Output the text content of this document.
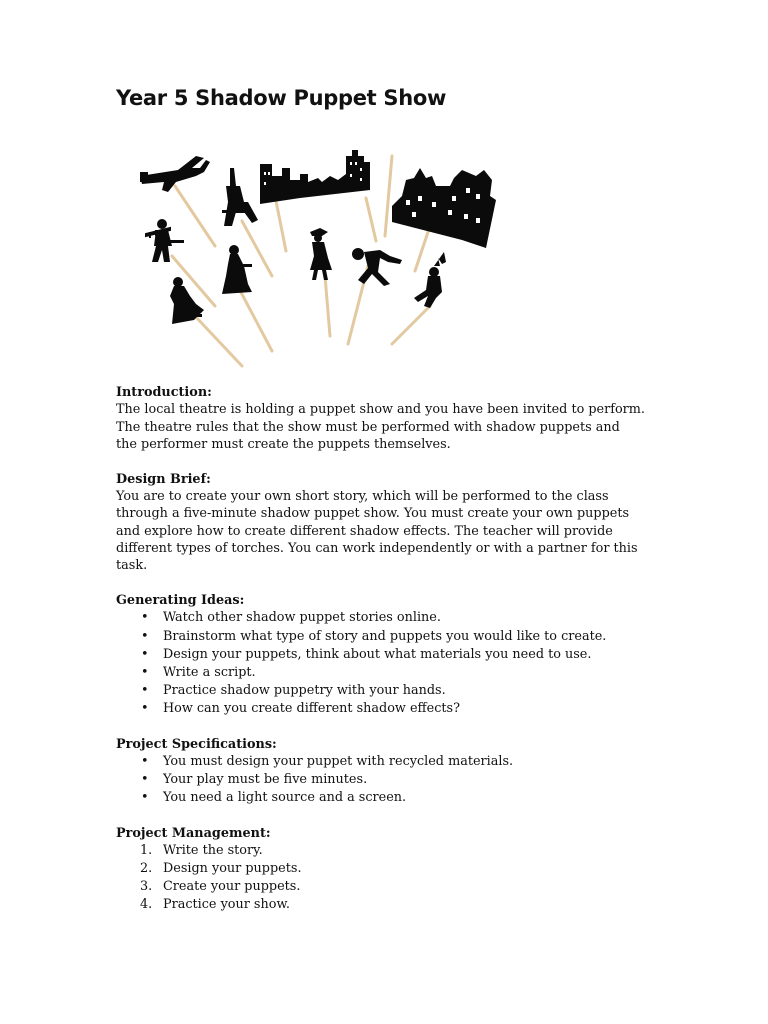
Year 5 Shadow Puppet Show
Introduction:
The local theatre is holding a puppet show and you have been invited to perform.
The theatre rules that the show must be performed with shadow puppets and
the performer must create the puppets themselves.
Design Brief:
You are to create your own short story, which will be performed to the class
through a five-minute shadow puppet show. You must create your own puppets
and explore how to create different shadow effects. The teacher will provide
different types of torches. You can work independently or with a partner for this
task.
Generating Ideas:
• Watch other shadow puppet stories online.
• Brainstorm what type of story and puppets you would like to create.
• Design your puppets, think about what materials you need to use.
• Write a script.
• Practice shadow puppetry with your hands.
• How can you create different shadow effects?
Project Specifications:
• You must design your puppet with recycled materials.
• Your play must be five minutes.
• You need a light source and a screen.
Project Management:
1. Write the story.
2. Design your puppets.
3. Create your puppets.
4. Practice your show.
